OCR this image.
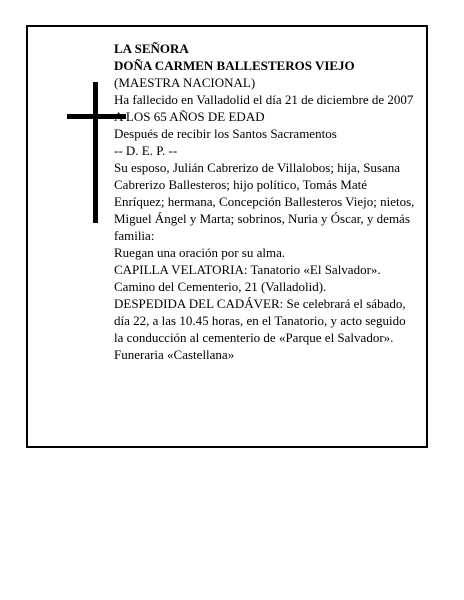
LA SEÑORA

DOÑA CARMEN BALLESTEROS VIEJO

(MAESTRA NACIONAL)

Ha fallecido en Valladolid el día 21 de diciembre de 2007

A LOS 65 AÑOS DE EDAD

Después de recibir los Santos Sacramentos

-- D. E. P. --

Su esposo, Julián Cabrerizo de Villalobos; hija, Susana Cabrerizo Ballesteros; hijo político, Tomás Maté Enríquez; hermana, Concepción Ballesteros Viejo; nietos, Miguel Ángel y Marta; sobrinos, Nuria y Óscar, y demás familia:

Ruegan una oración por su alma.

CAPILLA VELATORIA: Tanatorio «El Salvador». Camino del Cementerio, 21 (Valladolid).

DESPEDIDA DEL CADÁVER: Se celebrará el sábado, día 22, a las 10.45 horas, en el Tanatorio, y acto seguido la conducción al cementerio de «Parque el Salvador».

Funeraria «Castellana»
